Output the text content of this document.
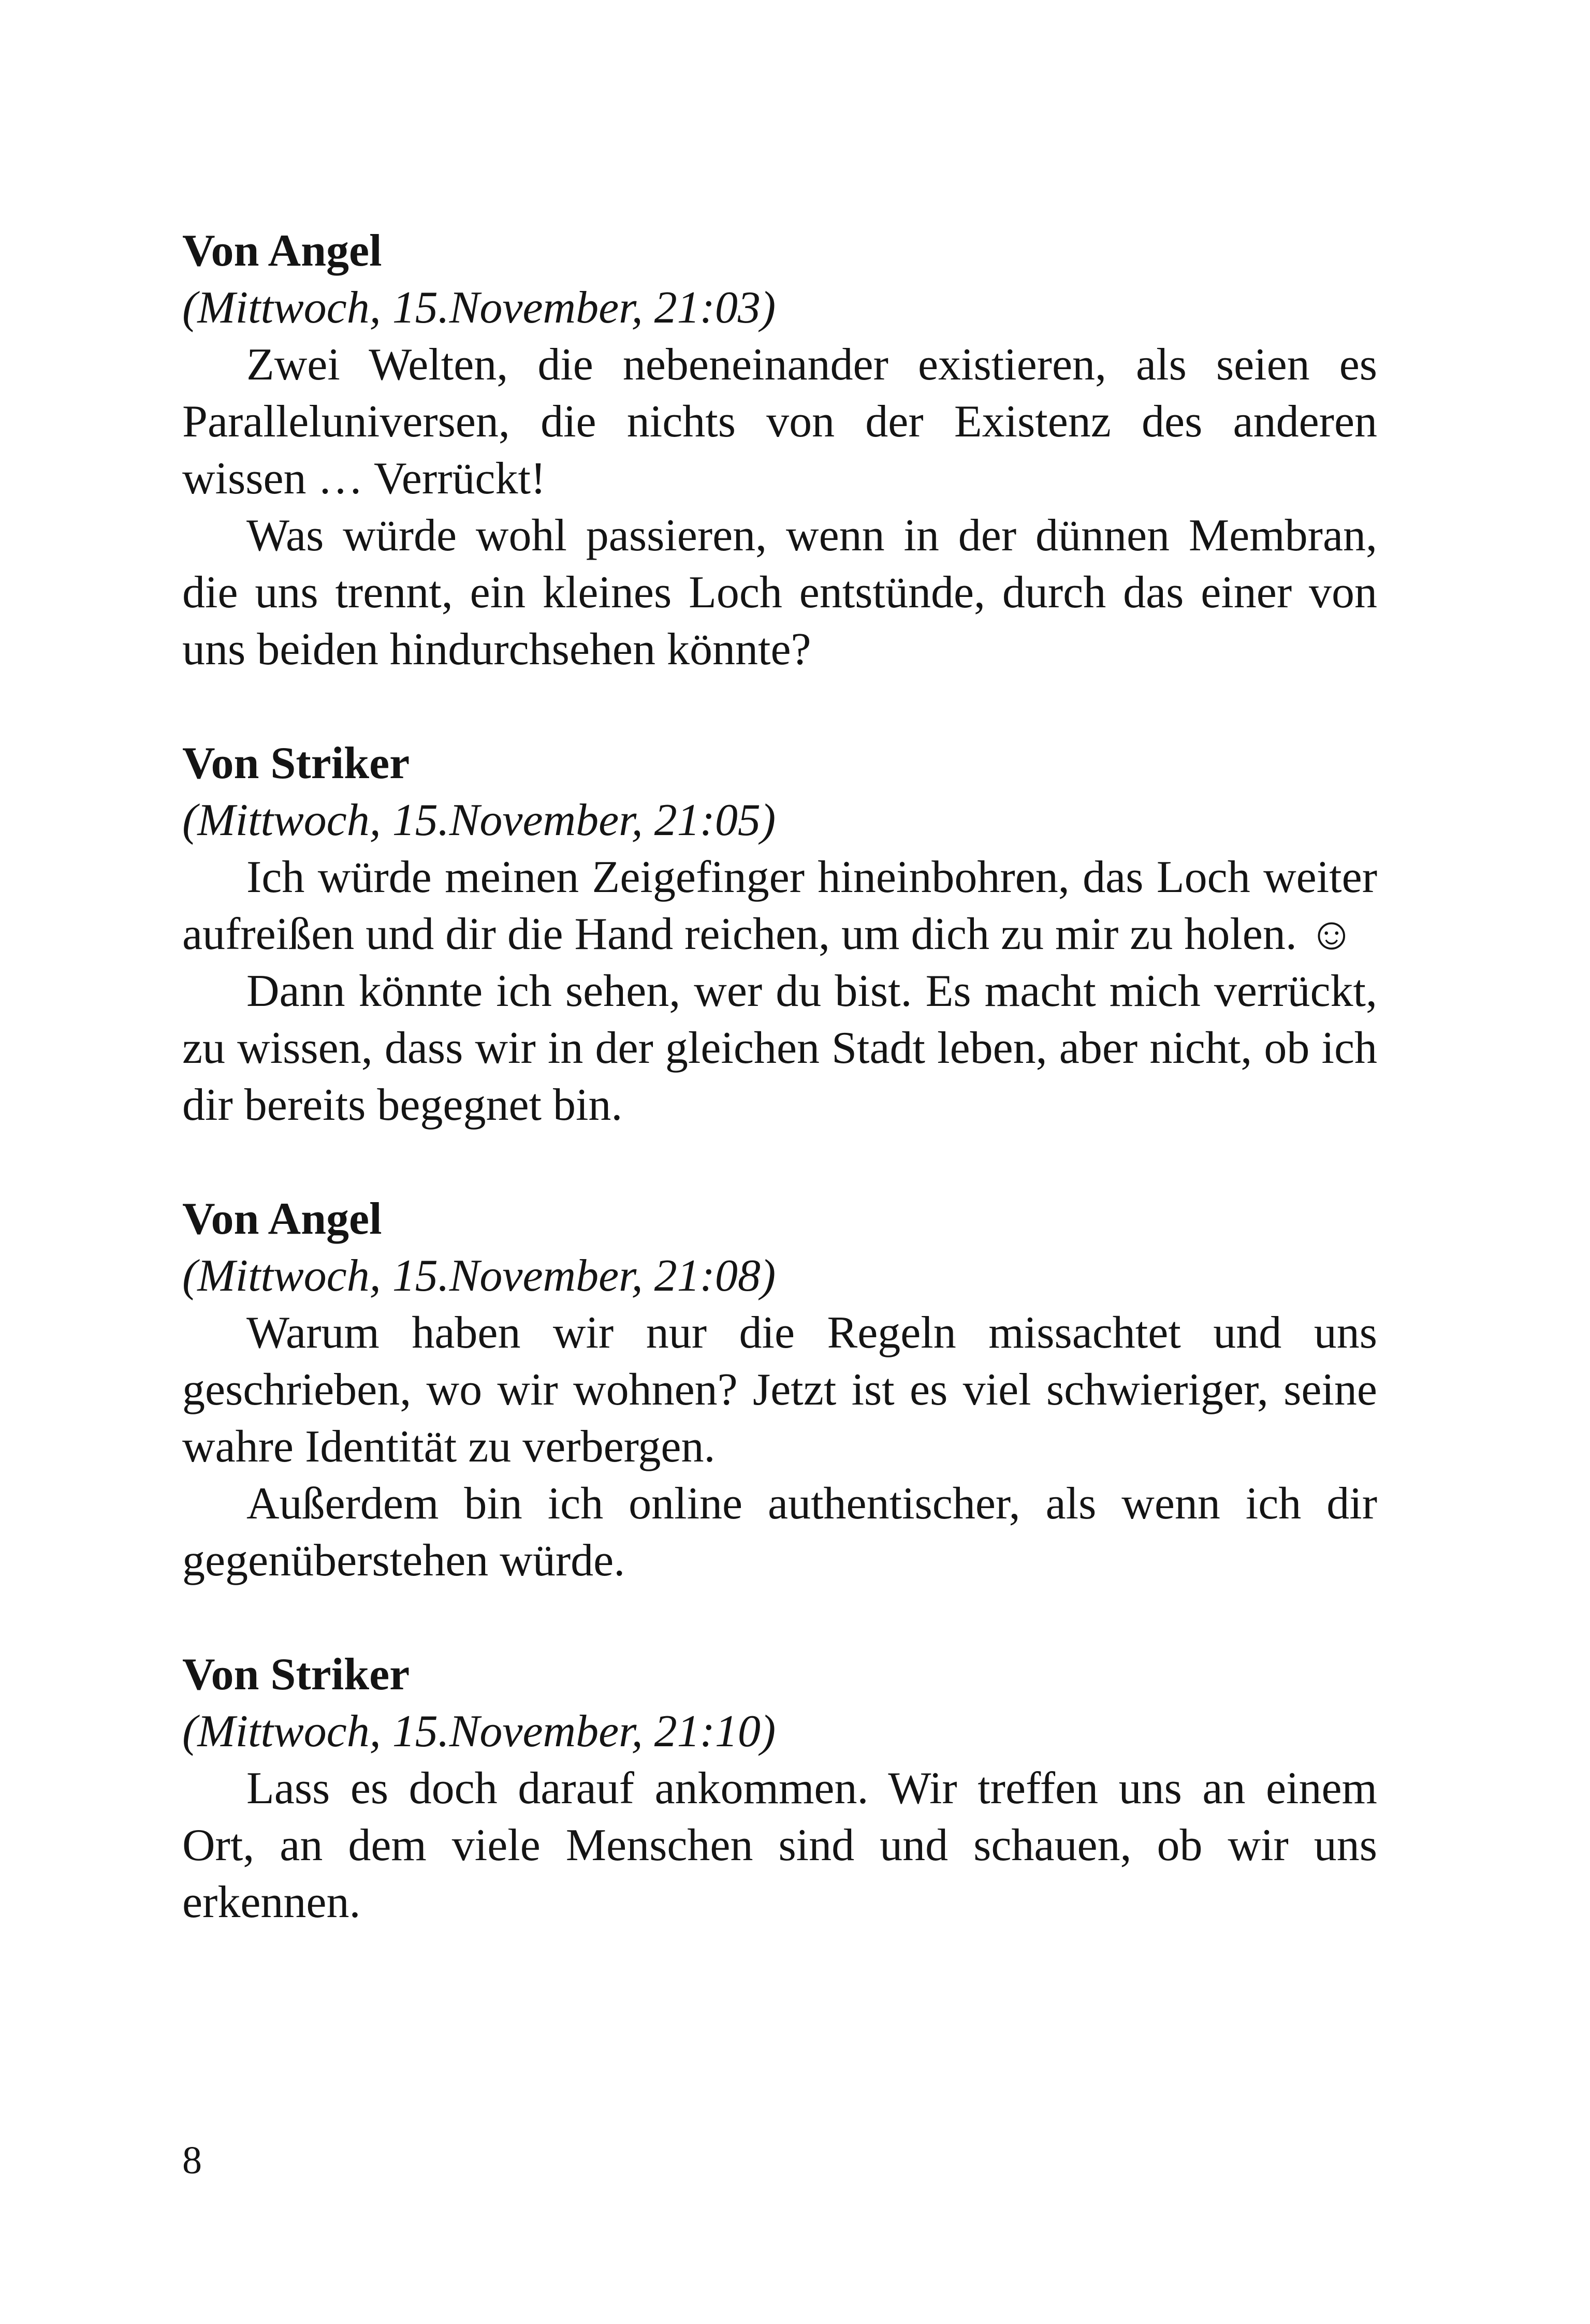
Von Angel

(Mittwoch, 15.November, 21:03)

Zwei Welten, die nebeneinander existieren, als seien es Paralleluniversen, die nichts von der Existenz des anderen wissen … Verrückt!

Was würde wohl passieren, wenn in der dünnen Membran, die uns trennt, ein kleines Loch entstünde, durch das einer von uns beiden hindurchsehen könnte?

Von Striker

(Mittwoch, 15.November, 21:05)

Ich würde meinen Zeigefinger hineinbohren, das Loch weiter aufreißen und dir die Hand reichen, um dich zu mir zu holen. ☺

Dann könnte ich sehen, wer du bist. Es macht mich verrückt, zu wissen, dass wir in der gleichen Stadt leben, aber nicht, ob ich dir bereits begegnet bin.

Von Angel

(Mittwoch, 15.November, 21:08)

Warum haben wir nur die Regeln missachtet und uns geschrieben, wo wir wohnen? Jetzt ist es viel schwieriger, seine wahre Identität zu verbergen.

Außerdem bin ich online authentischer, als wenn ich dir gegenüberstehen würde.

Von Striker

(Mittwoch, 15.November, 21:10)

Lass es doch darauf ankommen. Wir treffen uns an einem Ort, an dem viele Menschen sind und schauen, ob wir uns erkennen.

8
